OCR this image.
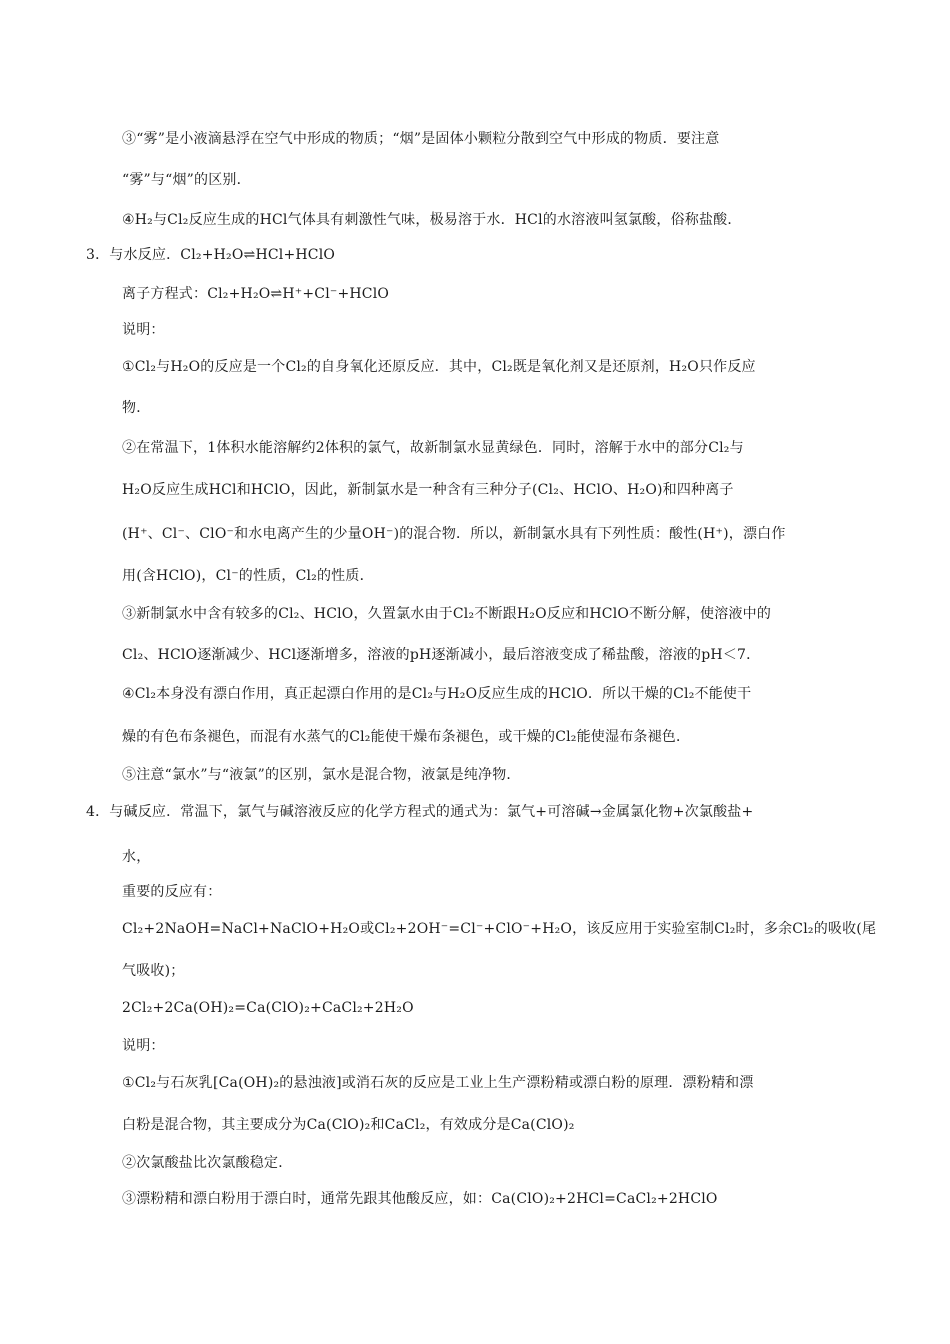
③“雾”是小液滴悬浮在空气中形成的物质；“烟”是固体小颗粒分散到空气中形成的物质．要注意
“雾”与“烟”的区别．
④H₂与Cl₂反应生成的HCl气体具有刺激性气味，极易溶于水．HCl的水溶液叫氢氯酸，俗称盐酸．
3．与水反应．Cl₂+H₂O⇌HCl+HClO
离子方程式：Cl₂+H₂O⇌H⁺+Cl⁻+HClO
说明：
①Cl₂与H₂O的反应是一个Cl₂的自身氧化还原反应．其中，Cl₂既是氧化剂又是还原剂，H₂O只作反应
物．
②在常温下，1体积水能溶解约2体积的氯气，故新制氯水显黄绿色．同时，溶解于水中的部分Cl₂与
H₂O反应生成HCl和HClO，因此，新制氯水是一种含有三种分子(Cl₂、HClO、H₂O)和四种离子
(H⁺、Cl⁻、ClO⁻和水电离产生的少量OH⁻)的混合物．所以，新制氯水具有下列性质：酸性(H⁺)，漂白作
用(含HClO)，Cl⁻的性质，Cl₂的性质．
③新制氯水中含有较多的Cl₂、HClO，久置氯水由于Cl₂不断跟H₂O反应和HClO不断分解，使溶液中的
Cl₂、HClO逐渐减少、HCl逐渐增多，溶液的pH逐渐减小，最后溶液变成了稀盐酸，溶液的pH＜7．
④Cl₂本身没有漂白作用，真正起漂白作用的是Cl₂与H₂O反应生成的HClO．所以干燥的Cl₂不能使干
燥的有色布条褪色，而混有水蒸气的Cl₂能使干燥布条褪色，或干燥的Cl₂能使湿布条褪色．
⑤注意“氯水”与“液氯”的区别，氯水是混合物，液氯是纯净物．
4．与碱反应．常温下，氯气与碱溶液反应的化学方程式的通式为：氯气+可溶碱→金属氯化物+次氯酸盐+
水，
重要的反应有：
Cl₂+2NaOH=NaCl+NaClO+H₂O或Cl₂+2OH⁻=Cl⁻+ClO⁻+H₂O，该反应用于实验室制Cl₂时，多余Cl₂的吸收(尾
气吸收)；
2Cl₂+2Ca(OH)₂=Ca(ClO)₂+CaCl₂+2H₂O
说明：
①Cl₂与石灰乳[Ca(OH)₂的悬浊液]或消石灰的反应是工业上生产漂粉精或漂白粉的原理．漂粉精和漂
白粉是混合物，其主要成分为Ca(ClO)₂和CaCl₂，有效成分是Ca(ClO)₂
②次氯酸盐比次氯酸稳定．
③漂粉精和漂白粉用于漂白时，通常先跟其他酸反应，如：Ca(ClO)₂+2HCl=CaCl₂+2HClO
